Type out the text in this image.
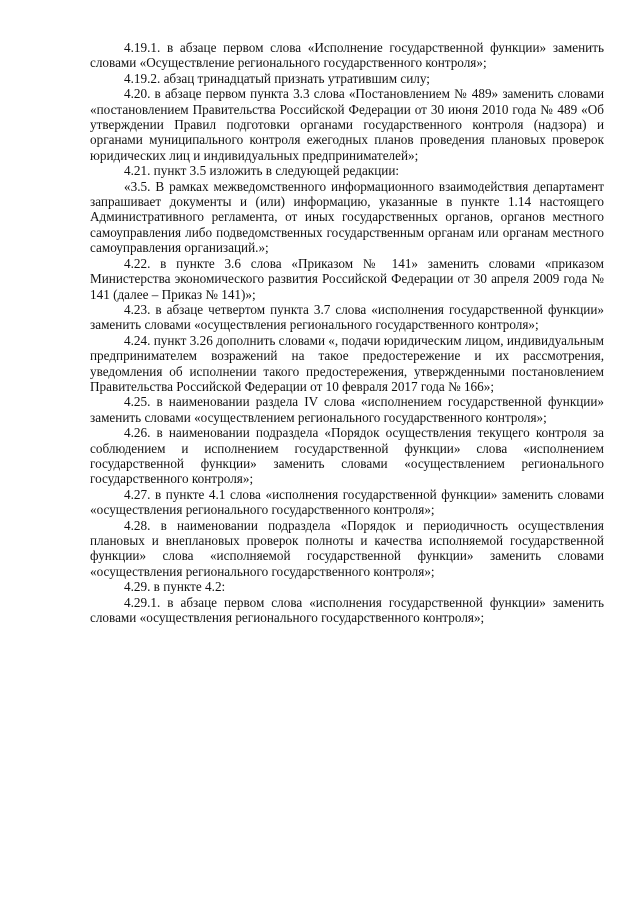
4.19.1. в абзаце первом слова «Исполнение государственной функции» заменить словами «Осуществление регионального государственного контроля»;

4.19.2. абзац тринадцатый признать утратившим силу;

4.20. в абзаце первом пункта 3.3 слова «Постановлением № 489» заменить словами «постановлением Правительства Российской Федерации от 30 июня 2010 года № 489 «Об утверждении Правил подготовки органами государственного контроля (надзора) и органами муниципального контроля ежегодных планов проведения плановых проверок юридических лиц и индивидуальных предпринимателей»;

4.21. пункт 3.5 изложить в следующей редакции:

«3.5. В рамках межведомственного информационного взаимодействия департамент запрашивает документы и (или) информацию, указанные в пункте 1.14 настоящего Административного регламента, от иных государственных органов, органов местного самоуправления либо подведомственных государственным органам или органам местного самоуправления организаций.»;

4.22. в пункте 3.6 слова «Приказом № 141» заменить словами «приказом Министерства экономического развития Российской Федерации от 30 апреля 2009 года № 141 (далее – Приказ № 141)»;

4.23. в абзаце четвертом пункта 3.7 слова «исполнения государственной функции» заменить словами «осуществления регионального государственного контроля»;

4.24. пункт 3.26 дополнить словами «, подачи юридическим лицом, индивидуальным предпринимателем возражений на такое предостережение и их рассмотрения, уведомления об исполнении такого предостережения, утвержденными постановлением Правительства Российской Федерации от 10 февраля 2017 года № 166»;

4.25. в наименовании раздела IV слова «исполнением государственной функции» заменить словами «осуществлением регионального государственного контроля»;

4.26. в наименовании подраздела «Порядок осуществления текущего контроля за соблюдением и исполнением государственной функции» слова «исполнением государственной функции» заменить словами «осуществлением регионального государственного контроля»;

4.27. в пункте 4.1 слова «исполнения государственной функции» заменить словами «осуществления регионального государственного контроля»;

4.28. в наименовании подраздела «Порядок и периодичность осуществления плановых и внеплановых проверок полноты и качества исполняемой государственной функции» слова «исполняемой государственной функции» заменить словами «осуществления регионального государственного контроля»;

4.29. в пункте 4.2:

4.29.1. в абзаце первом слова «исполнения государственной функции» заменить словами «осуществления регионального государственного контроля»;
